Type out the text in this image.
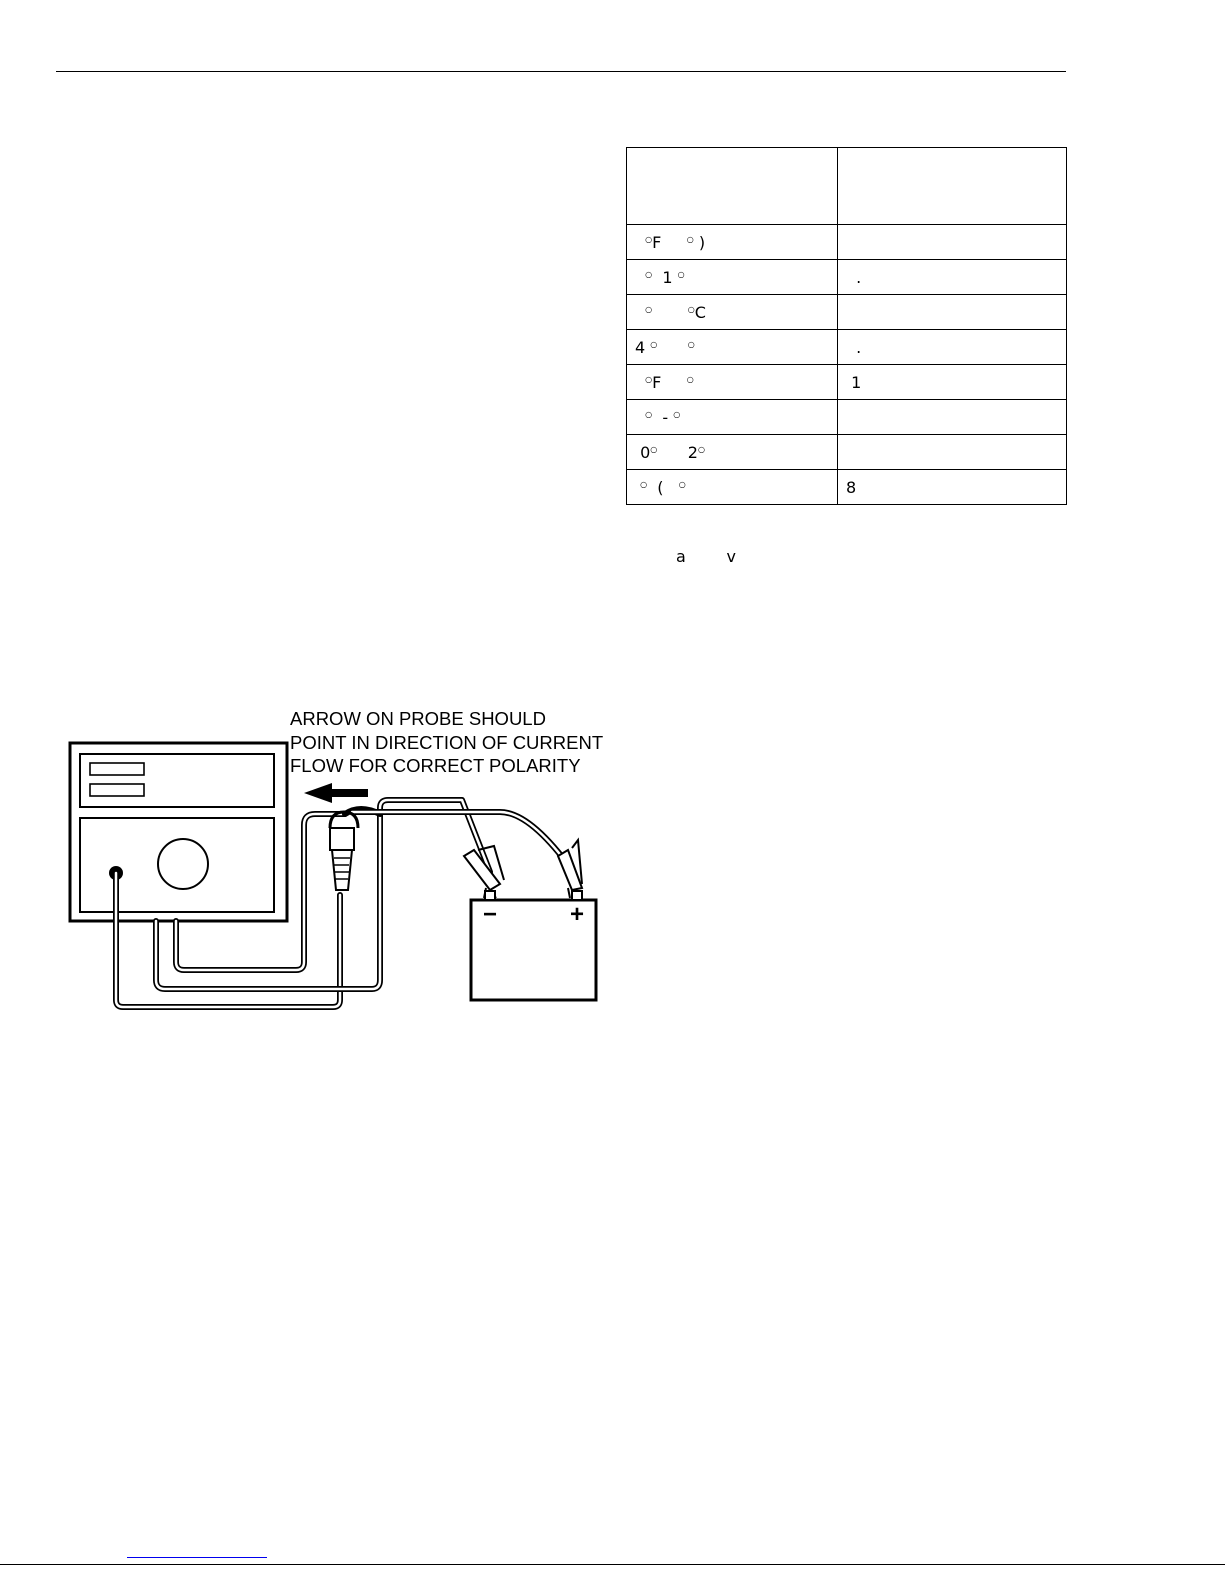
○F     ○ )	
○  1 ○	.
○ ○C	
4 ○ ○	.
○F     ○	1
○  - ○	
0○      2○	
○  (   ○	8
a        v
−	+
ARROW ON PROBE SHOULD
POINT IN DIRECTION OF CURRENT
FLOW FOR CORRECT POLARITY
